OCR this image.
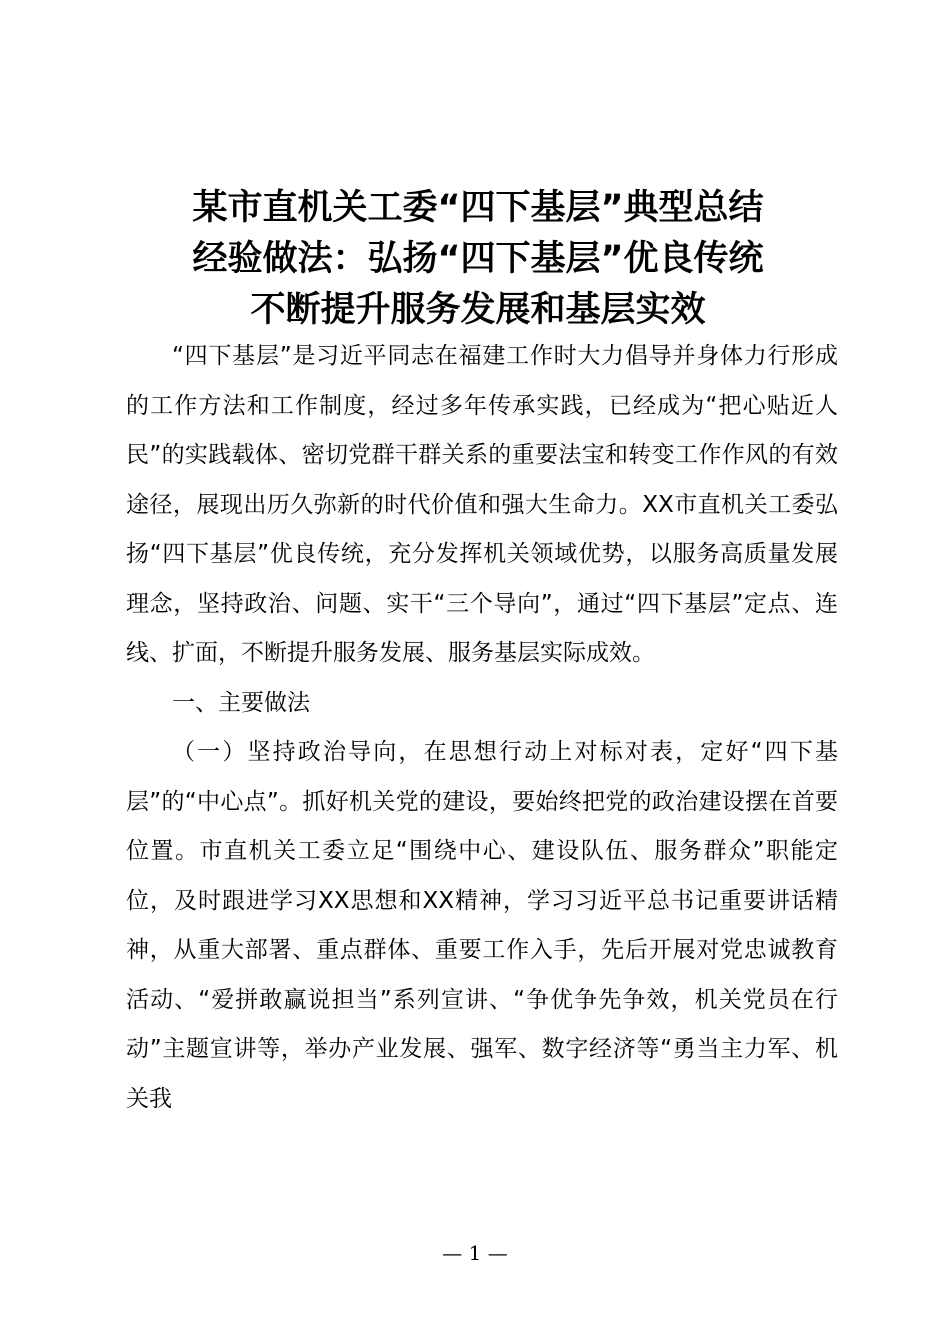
某市直机关工委“四下基层”典型总结
经验做法：弘扬“四下基层”优良传统
不断提升服务发展和基层实效

“四下基层”是习近平同志在福建工作时大力倡导并身体力行形成的工作方法和工作制度，经过多年传承实践，已经成为“把心贴近人民”的实践载体、密切党群干群关系的重要法宝和转变工作作风的有效途径，展现出历久弥新的时代价值和强大生命力。XX市直机关工委弘扬“四下基层”优良传统，充分发挥机关领域优势，以服务高质量发展理念，坚持政治、问题、实干“三个导向”，通过“四下基层”定点、连线、扩面，不断提升服务发展、服务基层实际成效。

一、主要做法

（一）坚持政治导向，在思想行动上对标对表，定好“四下基层”的“中心点”。抓好机关党的建设，要始终把党的政治建设摆在首要位置。市直机关工委立足“围绕中心、建设队伍、服务群众”职能定位，及时跟进学习XX思想和XX精神，学习习近平总书记重要讲话精神，从重大部署、重点群体、重要工作入手，先后开展对党忠诚教育活动、“爱拼敢赢说担当”系列宣讲、“争优争先争效，机关党员在行动”主题宣讲等，举办产业发展、强军、数字经济等“勇当主力军、机关我

— 1 —
